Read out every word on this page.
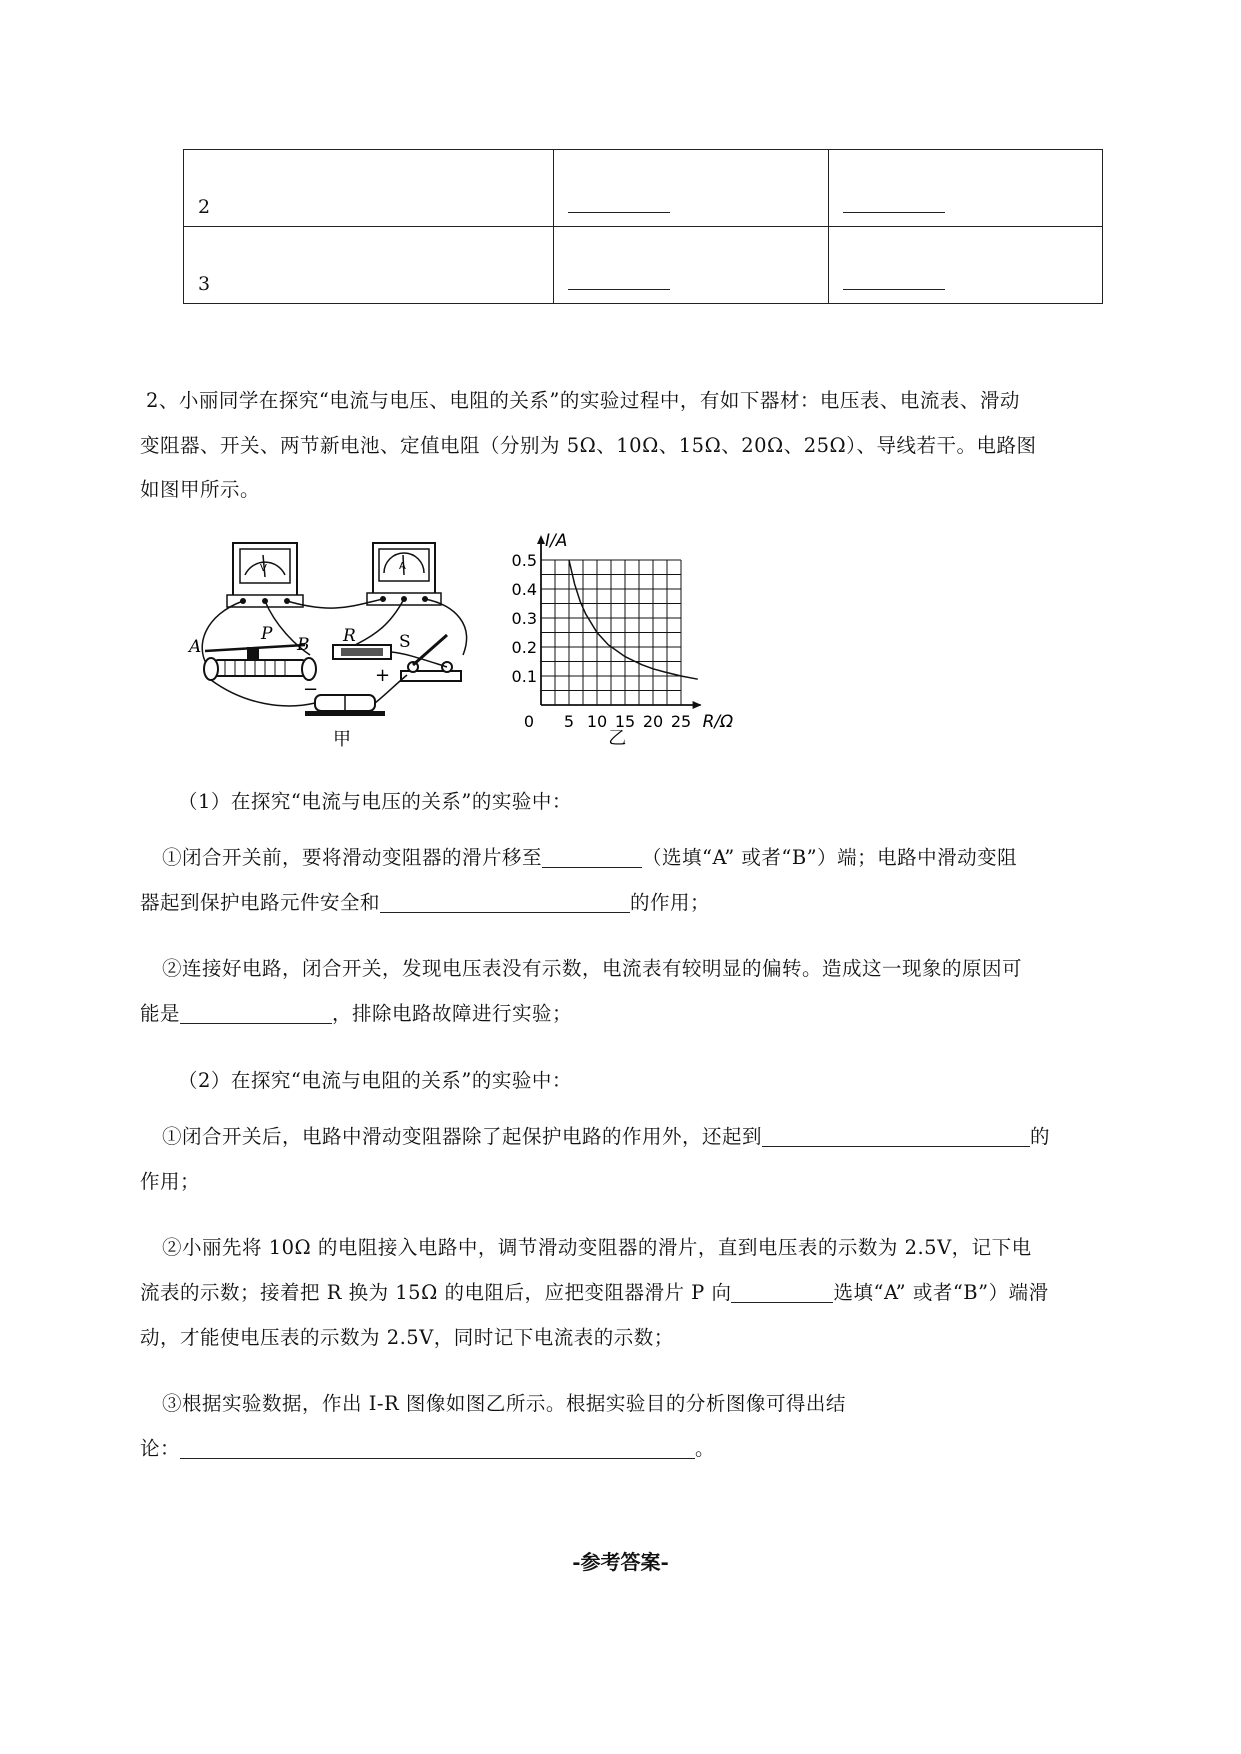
2		
3		
2、小丽同学在探究“电流与电压、电阻的关系”的实验过程中，有如下器材：电压表、电流表、滑动
变阻器、开关、两节新电池、定值电阻（分别为 5Ω、10Ω、15Ω、20Ω、25Ω）、导线若干。电路图
如图甲所示。
V	A
A
P
B R
−
+
S
甲
0.1
0.2
0.3
0.4
0.5
0 5 10 15 20 25
I/A
R/Ω
乙
（1）在探究“电流与电压的关系”的实验中：
①闭合开关前，要将滑动变阻器的滑片移至	（选填“A” 或者“B”）端；电路中滑动变阻
器起到保护电路元件安全和	的作用；
②连接好电路，闭合开关，发现电压表没有示数，电流表有较明显的偏转。造成这一现象的原因可
能是	，排除电路故障进行实验；
（2）在探究“电流与电阻的关系”的实验中：
①闭合开关后，电路中滑动变阻器除了起保护电路的作用外，还起到	的
作用；
②小丽先将 10Ω 的电阻接入电路中，调节滑动变阻器的滑片，直到电压表的示数为 2.5V，记下电
流表的示数；接着把 R 换为 15Ω 的电阻后，应把变阻器滑片 P 向	选填“A” 或者“B”）端滑
动，才能使电压表的示数为 2.5V，同时记下电流表的示数；
③根据实验数据，作出 I-R 图像如图乙所示。根据实验目的分析图像可得出结
论：	。
-参考答案-
